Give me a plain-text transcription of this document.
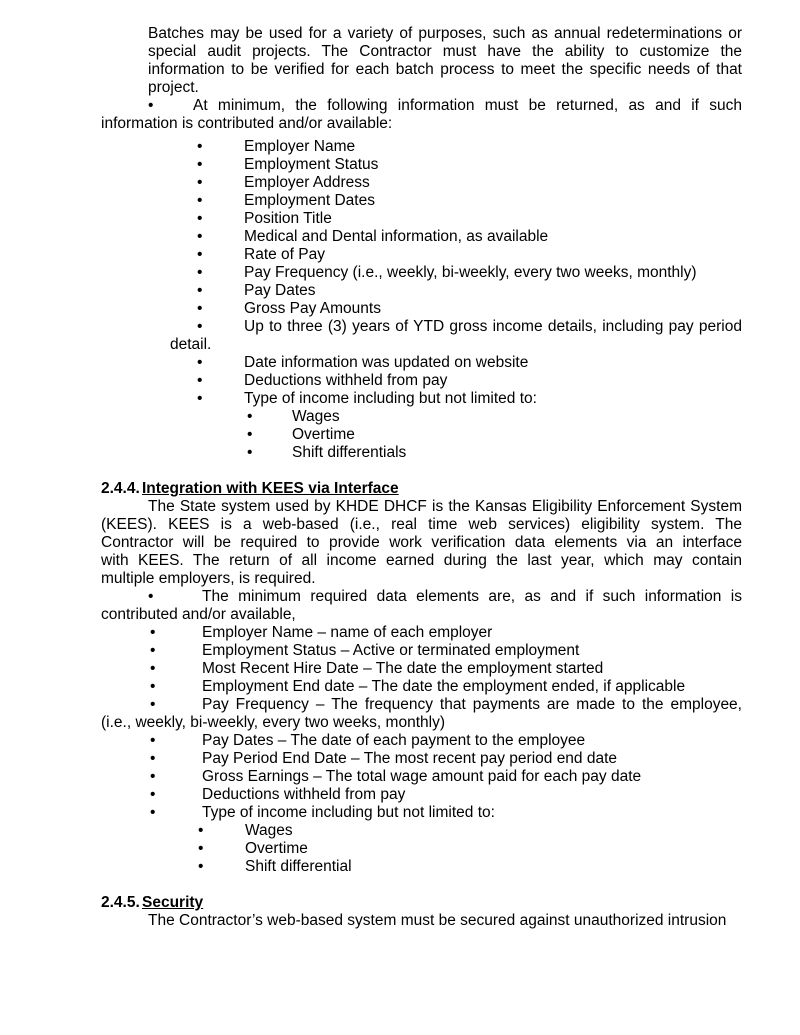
Batches may be used for a variety of purposes, such as annual redeterminations or
special audit projects. The Contractor must have the ability to customize the
information to be verified for each batch process to meet the specific needs of that
project.
•	At minimum, the following information must be returned, as and if such
information is contributed and/or available:
•	Employer Name
•	Employment Status
•	Employer Address
•	Employment Dates
•	Position Title
•	Medical and Dental information, as available
•	Rate of Pay
•	Pay Frequency (i.e., weekly, bi-weekly, every two weeks, monthly)
•	Pay Dates
•	Gross Pay Amounts
•	Up to three (3) years of YTD gross income details, including pay period
detail.
•	Date information was updated on website
•	Deductions withheld from pay
•	Type of income including but not limited to:
•	Wages
•	Overtime
•	Shift differentials
2.4.4. Integration with KEES via Interface
The State system used by KHDE DHCF is the Kansas Eligibility Enforcement System
(KEES). KEES is a web-based (i.e., real time web services) eligibility system. The
Contractor will be required to provide work verification data elements via an interface
with KEES. The return of all income earned during the last year, which may contain
multiple employers, is required.
•	The minimum required data elements are, as and if such information is
contributed and/or available,
•	Employer Name – name of each employer
•	Employment Status – Active or terminated employment
•	Most Recent Hire Date – The date the employment started
•	Employment End date – The date the employment ended, if applicable
•	Pay Frequency – The frequency that payments are made to the employee,
(i.e., weekly, bi-weekly, every two weeks, monthly)
•	Pay Dates – The date of each payment to the employee
•	Pay Period End Date – The most recent pay period end date
•	Gross Earnings – The total wage amount paid for each pay date
•	Deductions withheld from pay
•	Type of income including but not limited to:
•	Wages
•	Overtime
•	Shift differential
2.4.5. Security
The Contractor’s web-based system must be secured against unauthorized intrusion
